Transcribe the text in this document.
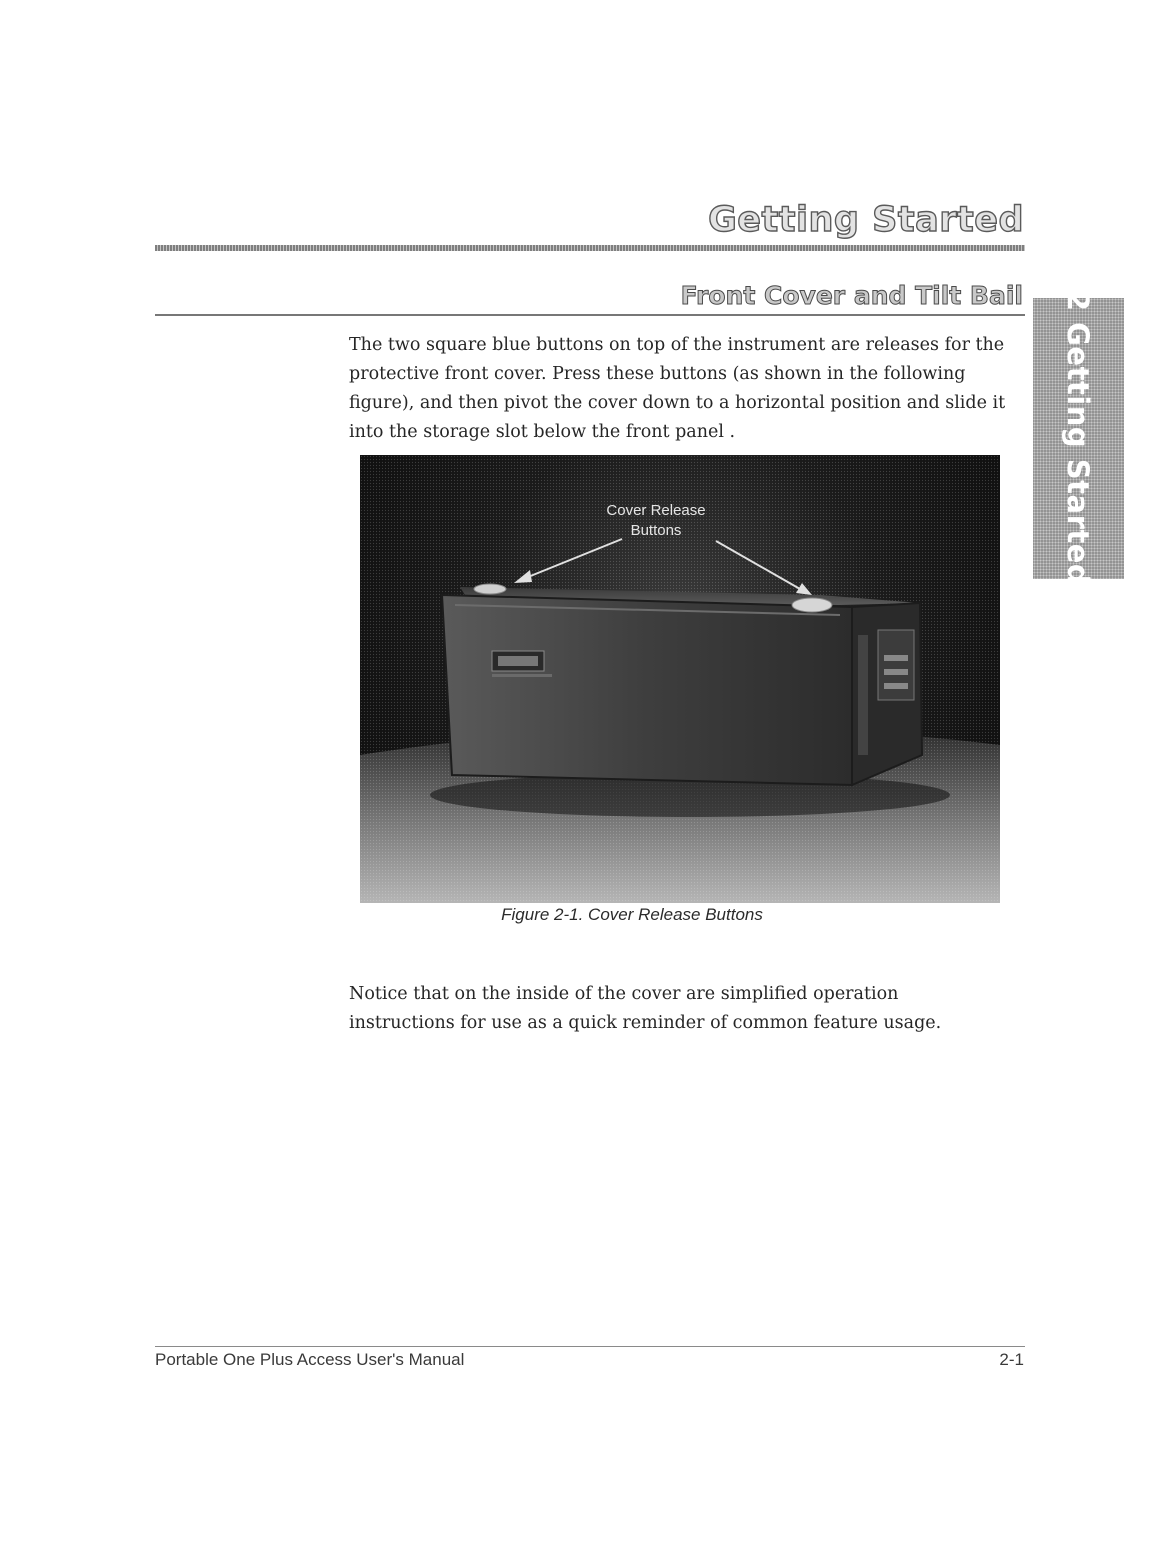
Getting Started
Front Cover and Tilt Bail 2 Getting Started

The two square blue buttons on top of the instrument are releases for the protective front cover. Press these buttons (as shown in the following figure), and then pivot the cover down to a horizontal position and slide it into the storage slot below the front panel .

Cover Release
Buttons
Figure 2-1. Cover Release Buttons

Notice that on the inside of the cover are simplified operation instructions for use as a quick reminder of common feature usage.

Portable One Plus Access User's Manual	2-1
